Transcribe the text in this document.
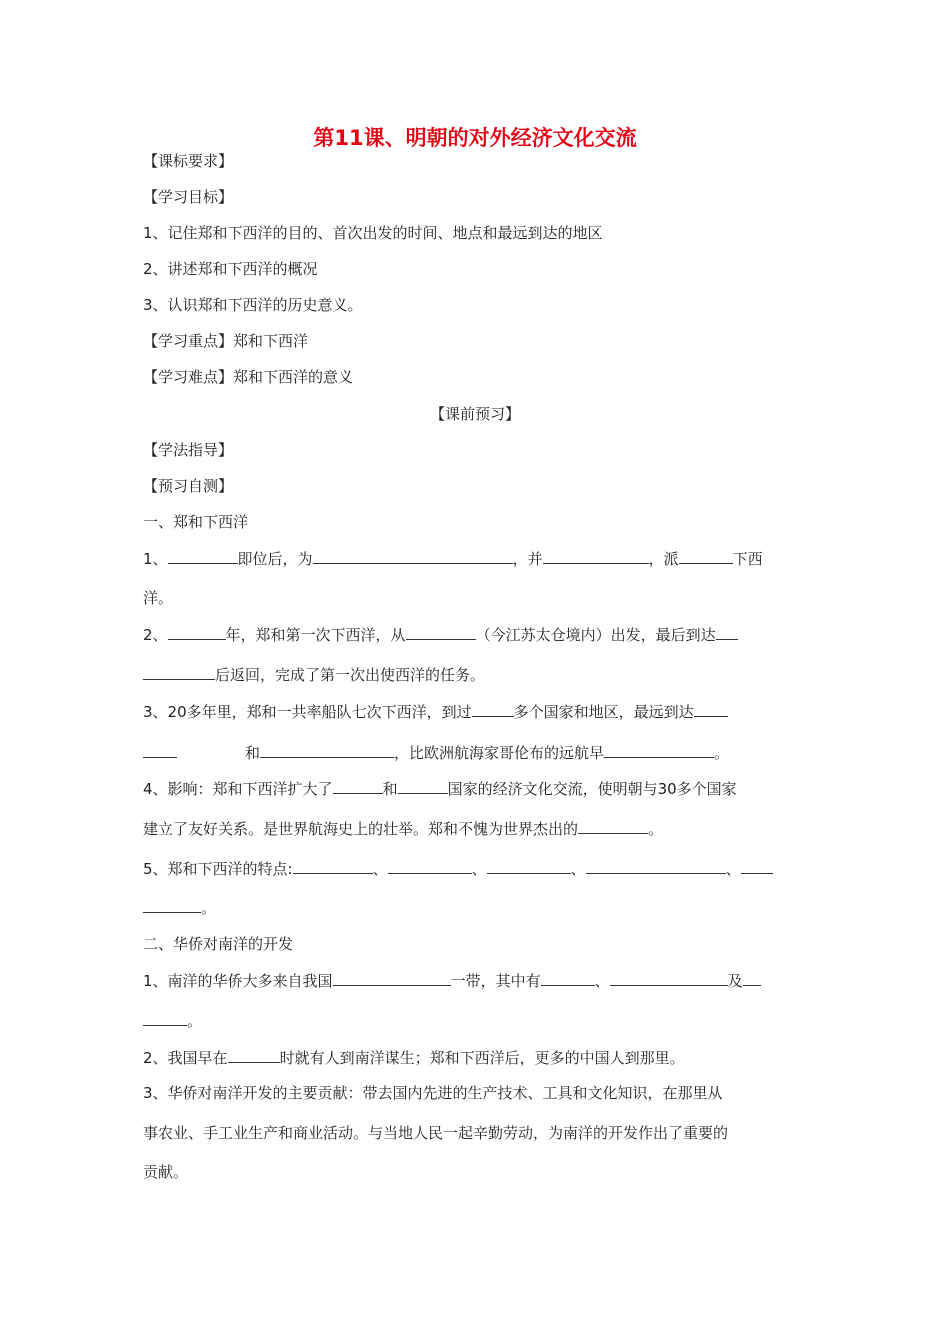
第11课、明朝的对外经济文化交流
【课标要求】
【学习目标】
1、记住郑和下西洋的目的、首次出发的时间、地点和最远到达的地区
2、讲述郑和下西洋的概况
3、认识郑和下西洋的历史意义。
【学习重点】郑和下西洋
【学习难点】郑和下西洋的意义
【课前预习】
【学法指导】
【预习自测】
一、郑和下西洋
1、	即位后，为	，并	，派	下西
洋。
2、	年，郑和第一次下西洋，从	（今江苏太仓境内）出发，最后到达
后返回，完成了第一次出使西洋的任务。
3、20多年里，郑和一共率船队七次下西洋，到过	多个国家和地区，最远到达
和	，比欧洲航海家哥伦布的远航早	。
4、影响：郑和下西洋扩大了	和	国家的经济文化交流，使明朝与30多个国家
建立了友好关系。是世界航海史上的壮举。郑和不愧为世界杰出的	。
5、郑和下西洋的特点:	、	、	、	、
。
二、华侨对南洋的开发
1、南洋的华侨大多来自我国	一带，其中有	、	及
。
2、我国早在	时就有人到南洋谋生；郑和下西洋后，更多的中国人到那里。
3、华侨对南洋开发的主要贡献：带去国内先进的生产技术、工具和文化知识，在那里从
事农业、手工业生产和商业活动。与当地人民一起辛勤劳动，为南洋的开发作出了重要的
贡献。
